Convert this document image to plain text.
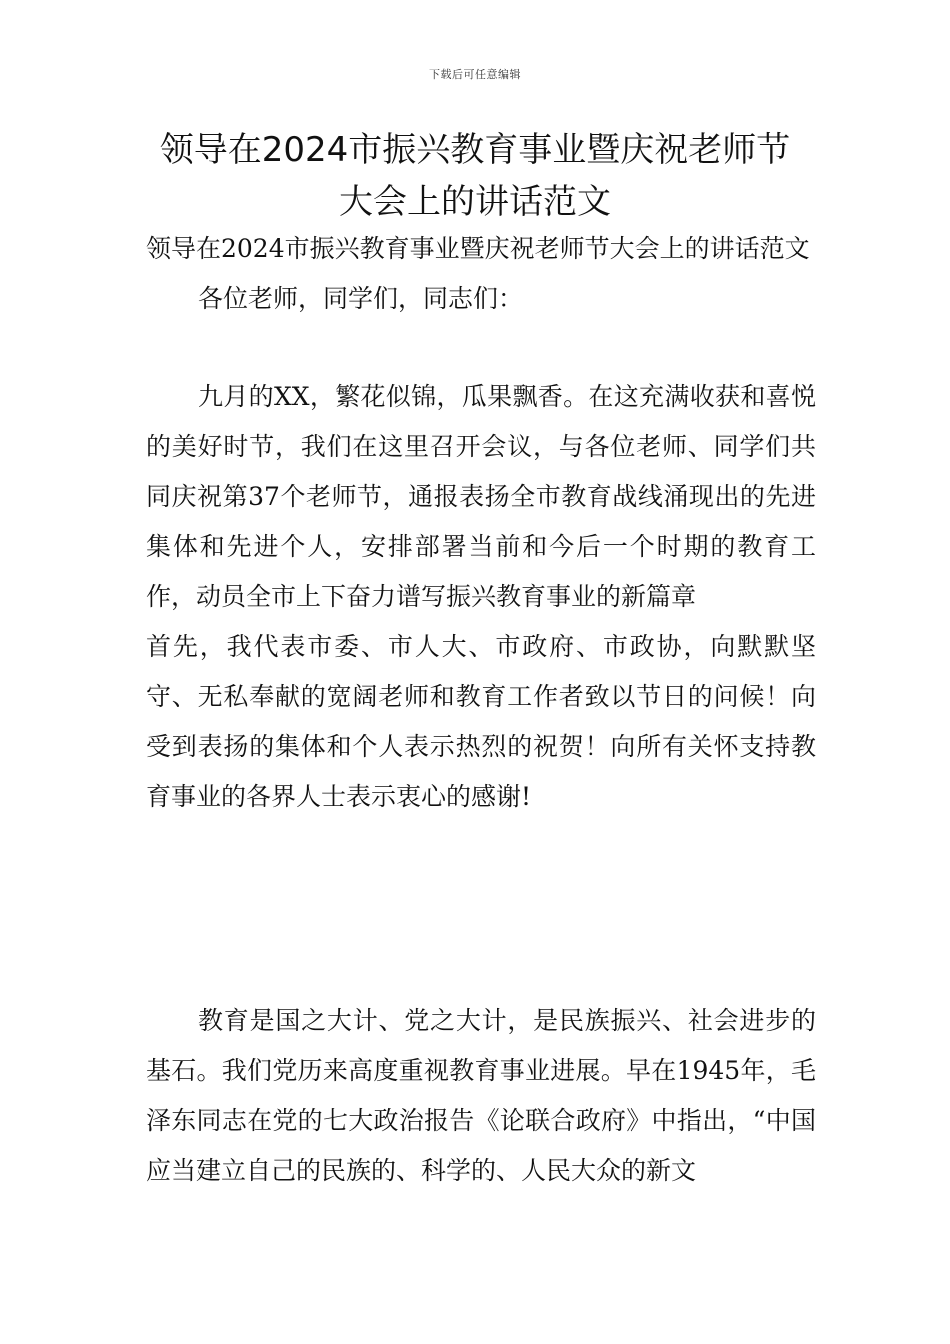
下载后可任意编辑
领导在2024市振兴教育事业暨庆祝老师节
大会上的讲话范文

领导在2024市振兴教育事业暨庆祝老师节大会上的讲话范文

各位老师，同学们，同志们：

九月的XX，繁花似锦，瓜果飘香。在这充满收获和喜悦的美好时节，我们在这里召开会议，与各位老师、同学们共同庆祝第37个老师节，通报表扬全市教育战线涌现出的先进集体和先进个人，安排部署当前和今后一个时期的教育工作，动员全市上下奋力谱写振兴教育事业的新篇章

首先，我代表市委、市人大、市政府、市政协，向默默坚守、无私奉献的宽阔老师和教育工作者致以节日的问候！向受到表扬的集体和个人表示热烈的祝贺！向所有关怀支持教育事业的各界人士表示衷心的感谢!

教育是国之大计、党之大计，是民族振兴、社会进步的基石。我们党历来高度重视教育事业进展。早在1945年，毛泽东同志在党的七大政治报告《论联合政府》中指出，“中国应当建立自己的民族的、科学的、人民大众的新文
